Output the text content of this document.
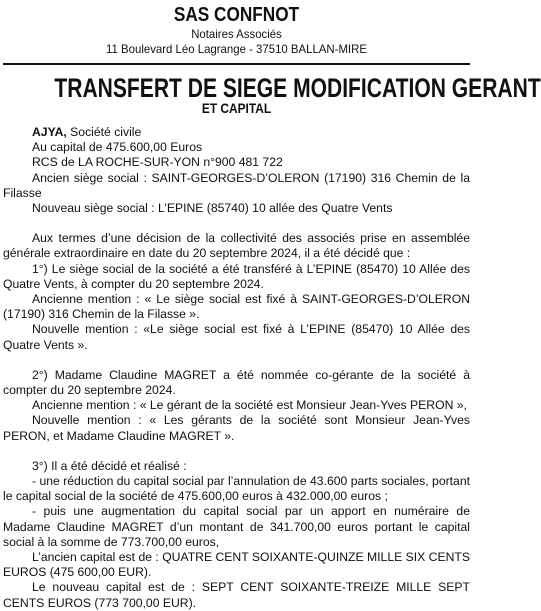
SAS CONFNOT
Notaires Associés
11 Boulevard Léo Lagrange - 37510 BALLAN-MIRE
TRANSFERT DE SIEGE MODIFICATION GERANT
ET CAPITAL

AJYA, Société civile

Au capital de 475.600,00 Euros

RCS de LA ROCHE-SUR-YON n°900 481 722

Ancien siège social : SAINT-GEORGES-D’OLERON (17190) 316 Chemin de la Filasse

Nouveau siège social : L’EPINE (85740) 10 allée des Quatre Vents

Aux termes d’une décision de la collectivité des associés prise en assemblée générale extraordinaire en date du 20 septembre 2024, il a été décidé que :

1°) Le siège social de la société a été transféré à L’EPINE (85470) 10 Allée des Quatre Vents, à compter du 20 septembre 2024.

Ancienne mention : « Le siège social est fixé à SAINT-GEORGES-D’OLERON (17190) 316 Chemin de la Filasse ».

Nouvelle mention : «Le siège social est fixé à L’EPINE (85470) 10 Allée des Quatre Vents ».

2°) Madame Claudine MAGRET a été nommée co-gérante de la société à compter du 20 septembre 2024.

Ancienne mention : « Le gérant de la société est Monsieur Jean-Yves PERON »,

Nouvelle mention : « Les gérants de la société sont Monsieur Jean-Yves PERON, et Madame Claudine MAGRET ».

3°) Il a été décidé et réalisé :

- une réduction du capital social par l’annulation de 43.600 parts sociales, portant le capital social de la société de 475.600,00 euros à 432.000,00 euros ;

- puis une augmentation du capital social par un apport en numéraire de Madame Claudine MAGRET d’un montant de 341.700,00 euros portant le capital social à la somme de 773.700,00 euros,

L’ancien capital est de : QUATRE CENT SOIXANTE-QUINZE MILLE SIX CENTS EUROS (475 600,00 EUR).

Le nouveau capital est de : SEPT CENT SOIXANTE-TREIZE MILLE SEPT CENTS EUROS (773 700,00 EUR).
